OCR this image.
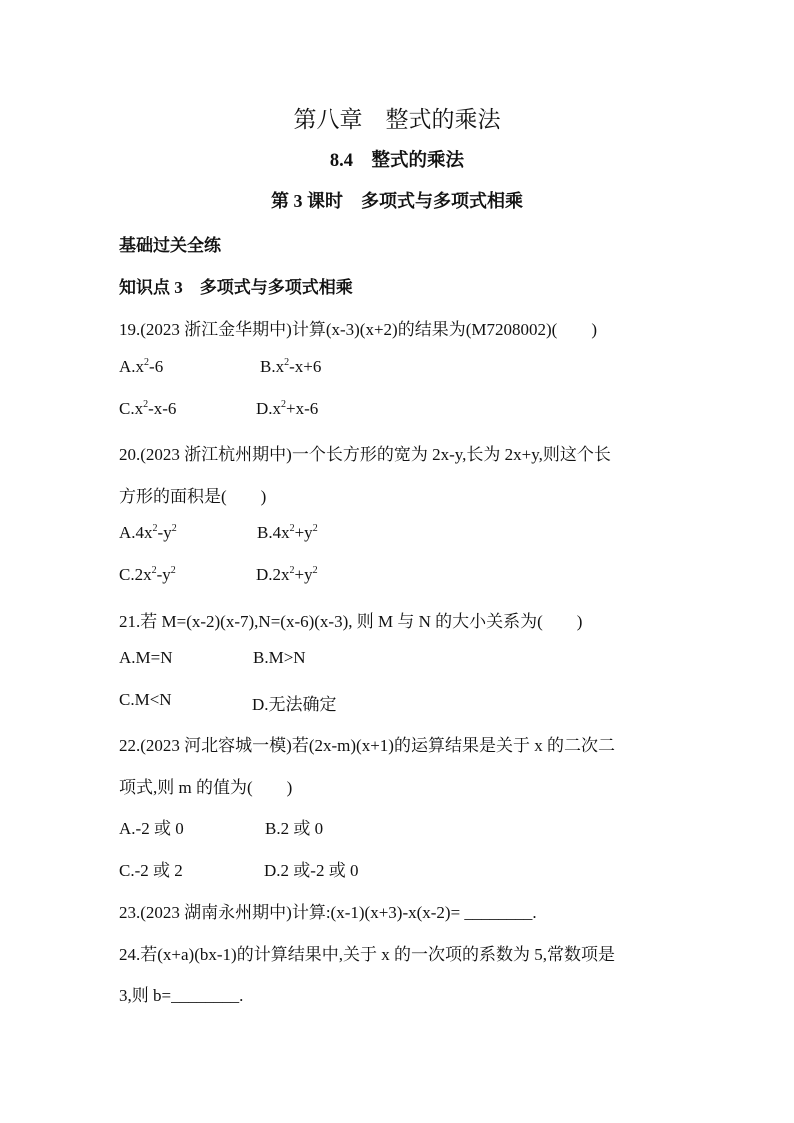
第八章　整式的乘法
8.4　整式的乘法
第 3 课时　多项式与多项式相乘
基础过关全练
知识点 3　多项式与多项式相乘
19.(2023 浙江金华期中)计算(x-3)(x+2)的结果为(M7208002)(　　)
$A.x^2-6$	$B.x^2-x+6$
$C.x^2-x-6$	$D.x^2+x-6$
20.(2023 浙江杭州期中)一个长方形的宽为 2x-y,长为 2x+y,则这个长
方形的面积是(　　)
$A.4x^2-y^2$	$B.4x^2+y^2$
$C.2x^2-y^2$	$D.2x^2+y^2$
21.若 M=(x-2)(x-7),N=(x-6)(x-3), 则 M 与 N 的大小关系为(　　)
A.M=N	B.M>N
C.M<N	D.无法确定
22.(2023 河北容城一模)若(2x-m)(x+1)的运算结果是关于 x 的二次二
项式,则 m 的值为(　　)
A.-2 或 0	B.2 或 0
C.-2 或 2	D.2 或-2 或 0
23.(2023 湖南永州期中)计算:(x-1)(x+3)-x(x-2)= ________.
24.若(x+a)(bx-1)的计算结果中,关于 x 的一次项的系数为 5,常数项是
3,则 b=________.
